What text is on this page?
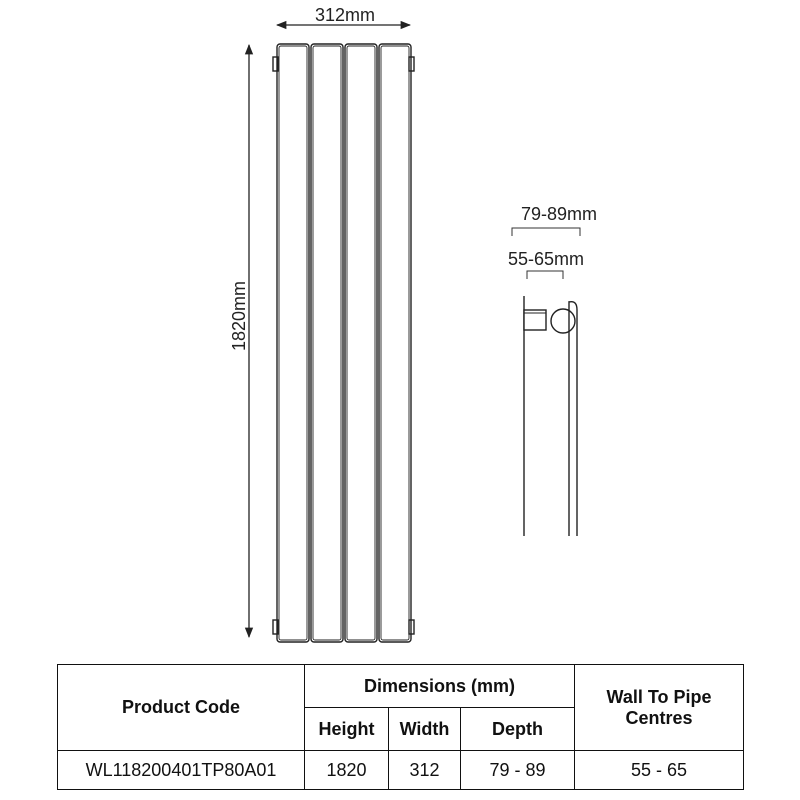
312mm
1820mm
79-89mm
55-65mm
Product Code	Dimensions (mm)			Wall To Pipe
Centres
	Height	Width	Depth	
WL118200401TP80A01	1820	312	79 - 89	55 - 65
